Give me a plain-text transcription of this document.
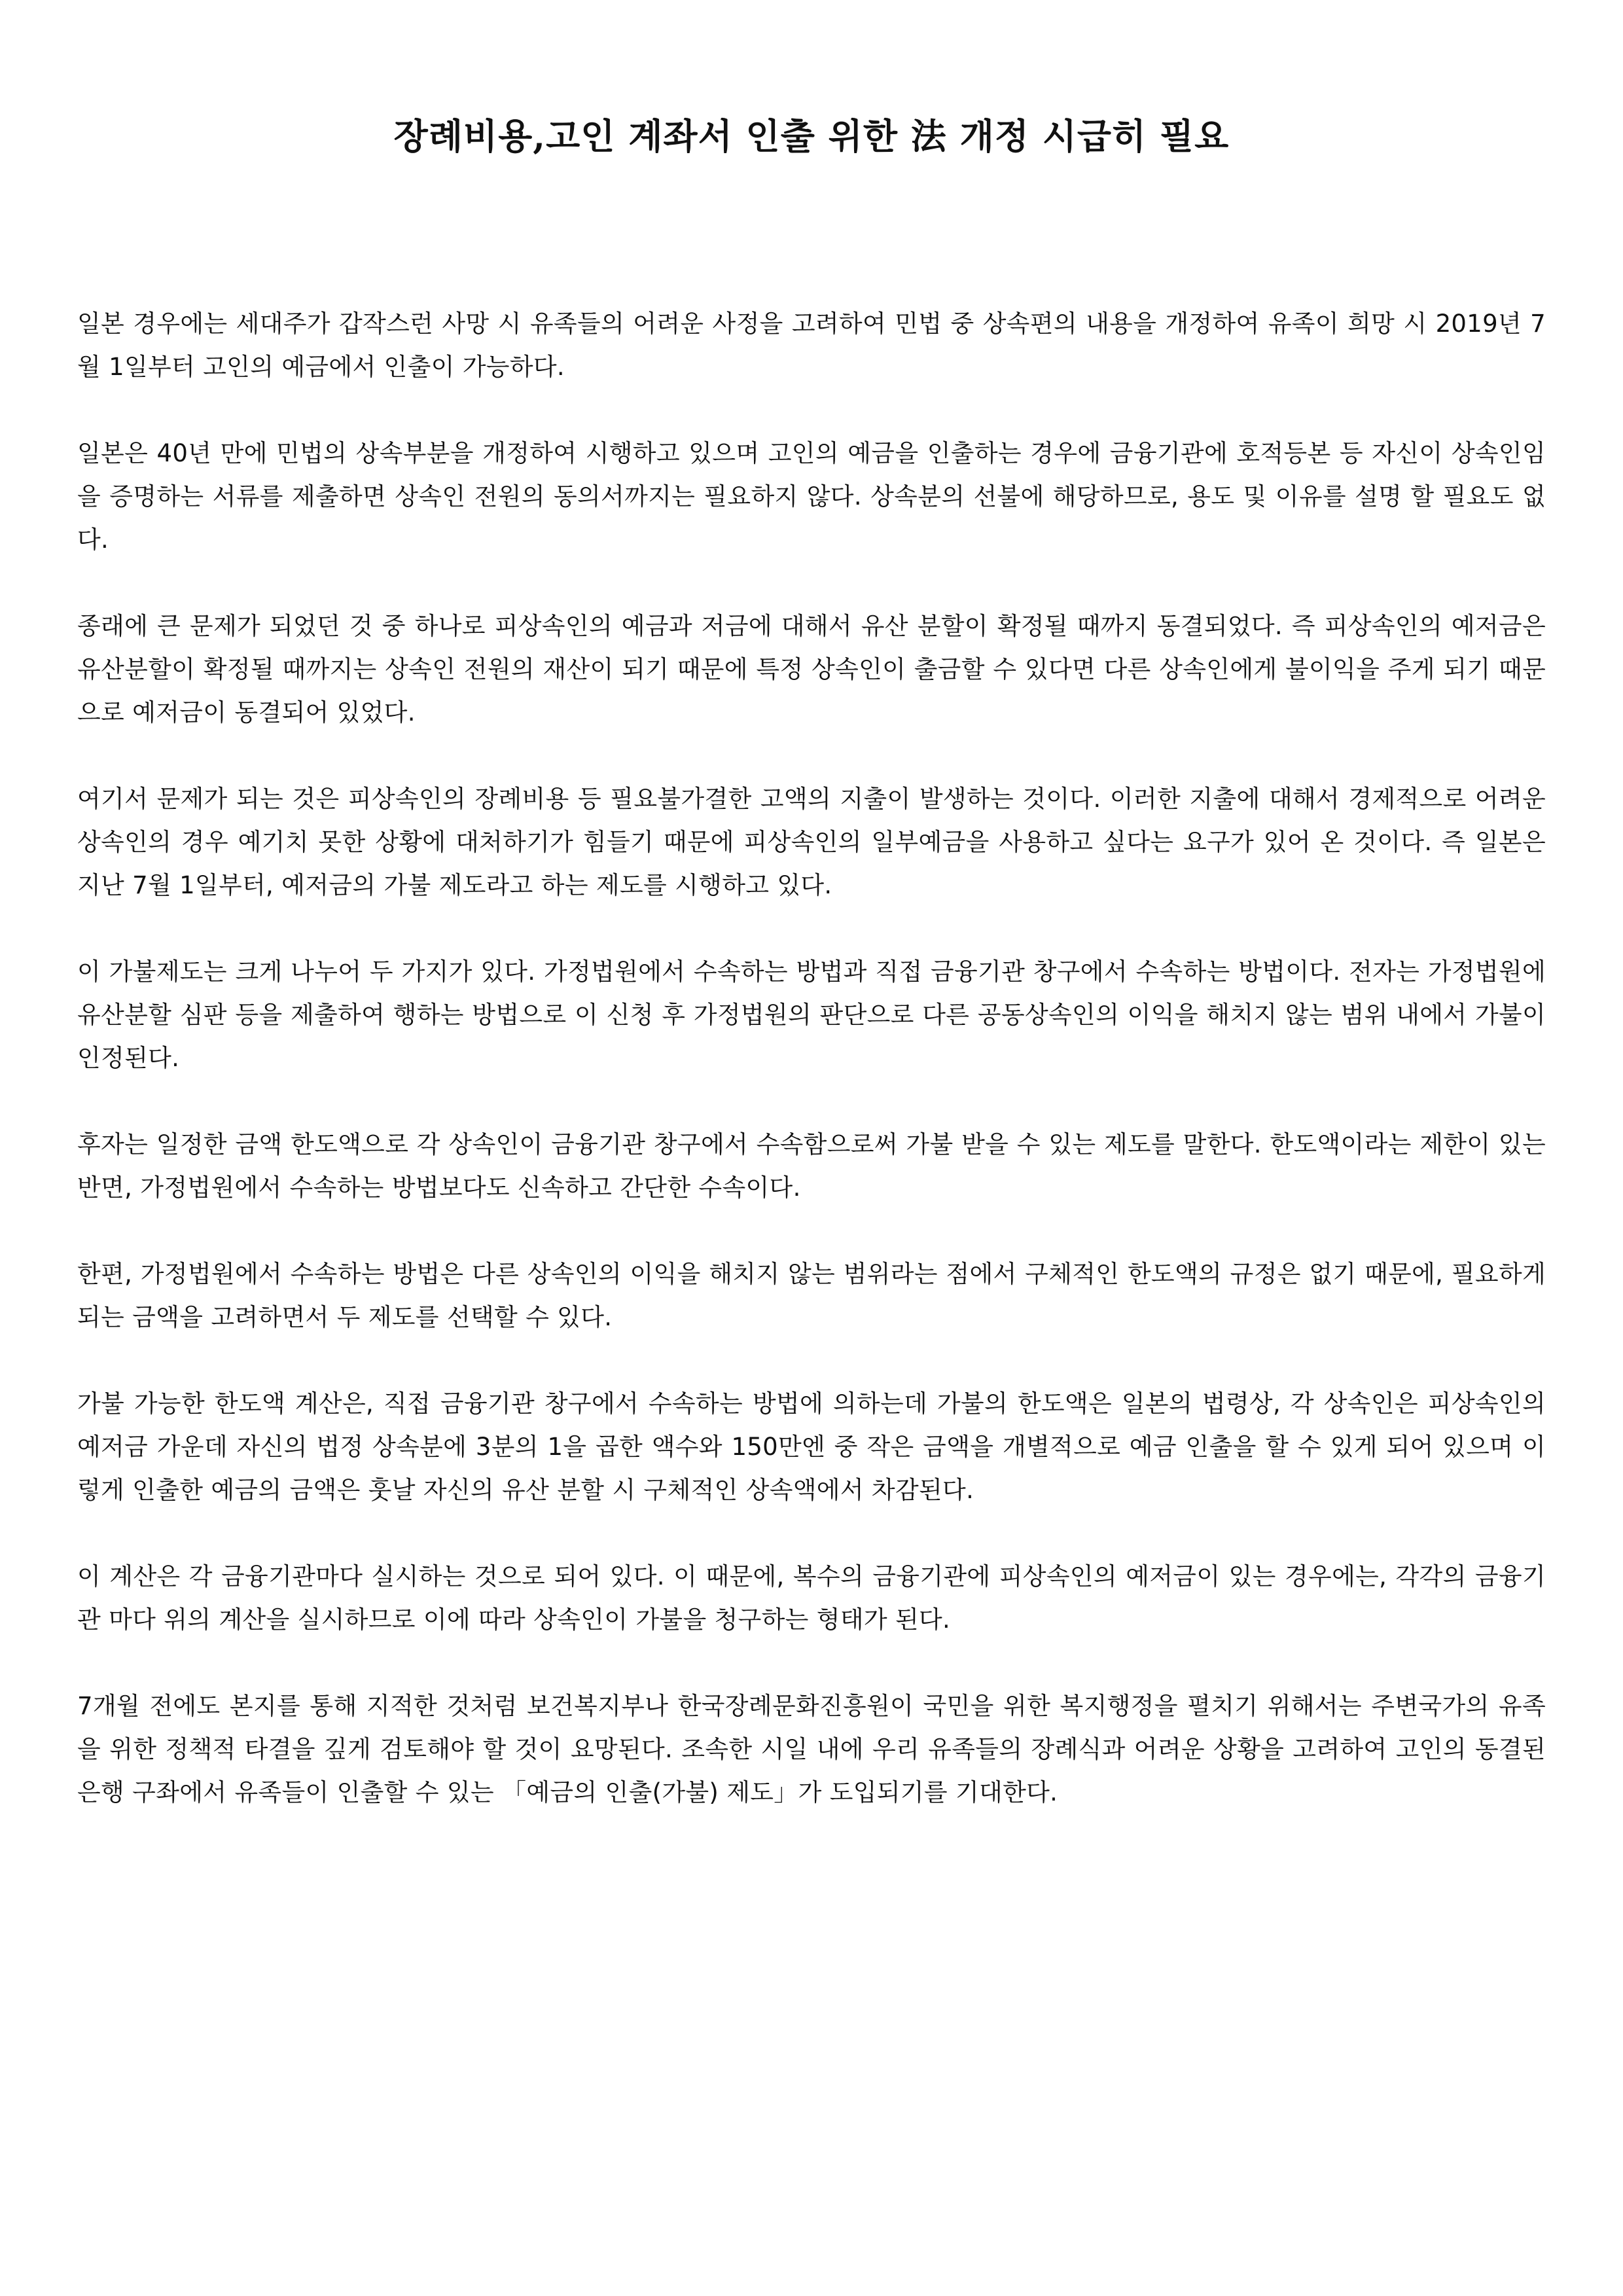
장례비용,고인 계좌서 인출 위한 法 개정 시급히 필요

일본 경우에는 세대주가 갑작스런 사망 시 유족들의 어려운 사정을 고려하여 민법 중 상속편의 내용을 개정하여 유족이 희망 시 2019년 7월 1일부터 고인의 예금에서 인출이 가능하다.

일본은 40년 만에 민법의 상속부분을 개정하여 시행하고 있으며 고인의 예금을 인출하는 경우에 금융기관에 호적등본 등 자신이 상속인임을 증명하는 서류를 제출하면 상속인 전원의 동의서까지는 필요하지 않다. 상속분의 선불에 해당하므로, 용도 및 이유를 설명 할 필요도 없다.

종래에 큰 문제가 되었던 것 중 하나로 피상속인의 예금과 저금에 대해서 유산 분할이 확정될 때까지 동결되었다. 즉 피상속인의 예저금은 유산분할이 확정될 때까지는 상속인 전원의 재산이 되기 때문에 특정 상속인이 출금할 수 있다면 다른 상속인에게 불이익을 주게 되기 때문으로 예저금이 동결되어 있었다.

여기서 문제가 되는 것은 피상속인의 장례비용 등 필요불가결한 고액의 지출이 발생하는 것이다. 이러한 지출에 대해서 경제적으로 어려운 상속인의 경우 예기치 못한 상황에 대처하기가 힘들기 때문에 피상속인의 일부예금을 사용하고 싶다는 요구가 있어 온 것이다. 즉 일본은 지난 7월 1일부터, 예저금의 가불 제도라고 하는 제도를 시행하고 있다.

이 가불제도는 크게 나누어 두 가지가 있다. 가정법원에서 수속하는 방법과 직접 금융기관 창구에서 수속하는 방법이다. 전자는 가정법원에 유산분할 심판 등을 제출하여 행하는 방법으로 이 신청 후 가정법원의 판단으로 다른 공동상속인의 이익을 해치지 않는 범위 내에서 가불이 인정된다.

후자는 일정한 금액 한도액으로 각 상속인이 금융기관 창구에서 수속함으로써 가불 받을 수 있는 제도를 말한다. 한도액이라는 제한이 있는 반면, 가정법원에서 수속하는 방법보다도 신속하고 간단한 수속이다.

한편, 가정법원에서 수속하는 방법은 다른 상속인의 이익을 해치지 않는 범위라는 점에서 구체적인 한도액의 규정은 없기 때문에, 필요하게 되는 금액을 고려하면서 두 제도를 선택할 수 있다.

가불 가능한 한도액 계산은, 직접 금융기관 창구에서 수속하는 방법에 의하는데 가불의 한도액은 일본의 법령상, 각 상속인은 피상속인의 예저금 가운데 자신의 법정 상속분에 3분의 1을 곱한 액수와 150만엔 중 작은 금액을 개별적으로 예금 인출을 할 수 있게 되어 있으며 이렇게 인출한 예금의 금액은 훗날 자신의 유산 분할 시 구체적인 상속액에서 차감된다.

이 계산은 각 금융기관마다 실시하는 것으로 되어 있다. 이 때문에, 복수의 금융기관에 피상속인의 예저금이 있는 경우에는, 각각의 금융기관 마다 위의 계산을 실시하므로 이에 따라 상속인이 가불을 청구하는 형태가 된다.

7개월 전에도 본지를 통해 지적한 것처럼 보건복지부나 한국장례문화진흥원이 국민을 위한 복지행정을 펼치기 위해서는 주변국가의 유족을 위한 정책적 타결을 깊게 검토해야 할 것이 요망된다. 조속한 시일 내에 우리 유족들의 장례식과 어려운 상황을 고려하여 고인의 동결된 은행 구좌에서 유족들이 인출할 수 있는 「예금의 인출(가불) 제도」가 도입되기를 기대한다.
